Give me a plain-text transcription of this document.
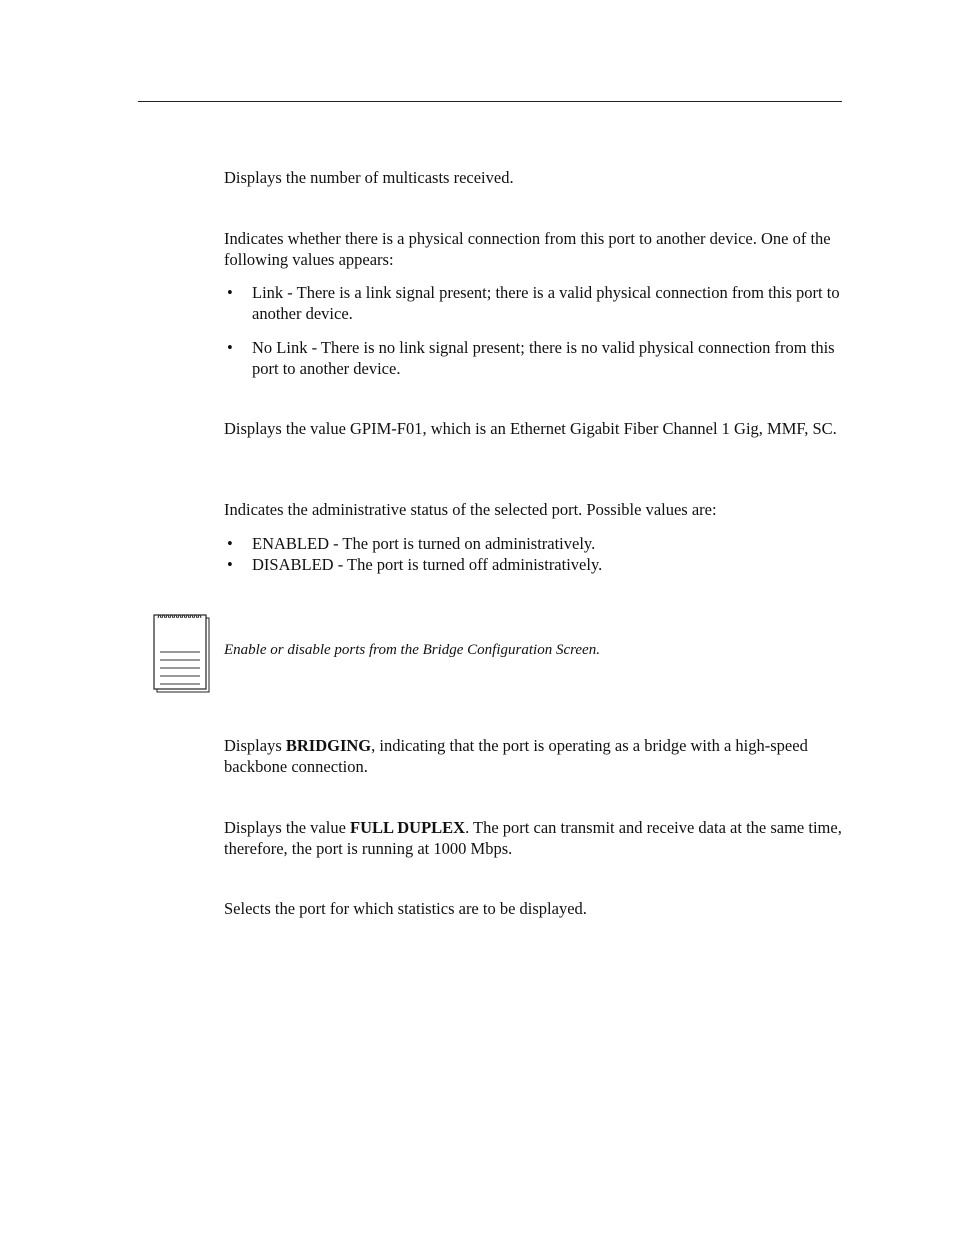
Displays the number of multicasts received.

Indicates whether there is a physical connection from this port to another device. One of the following values appears:

• Link - There is a link signal present; there is a valid physical connection from this port to another device.
• No Link - There is no link signal present; there is no valid physical connection from this port to another device.

Displays the value GPIM-F01, which is an Ethernet Gigabit Fiber Channel 1 Gig, MMF, SC.

Indicates the administrative status of the selected port. Possible values are:

• ENABLED - The port is turned on administratively.
• DISABLED - The port is turned off administratively.
Enable or disable ports from the Bridge Configuration Screen.

Displays BRIDGING, indicating that the port is operating as a bridge with a high-speed backbone connection.

Displays the value FULL DUPLEX. The port can transmit and receive data at the same time, therefore, the port is running at 1000 Mbps.

Selects the port for which statistics are to be displayed.
